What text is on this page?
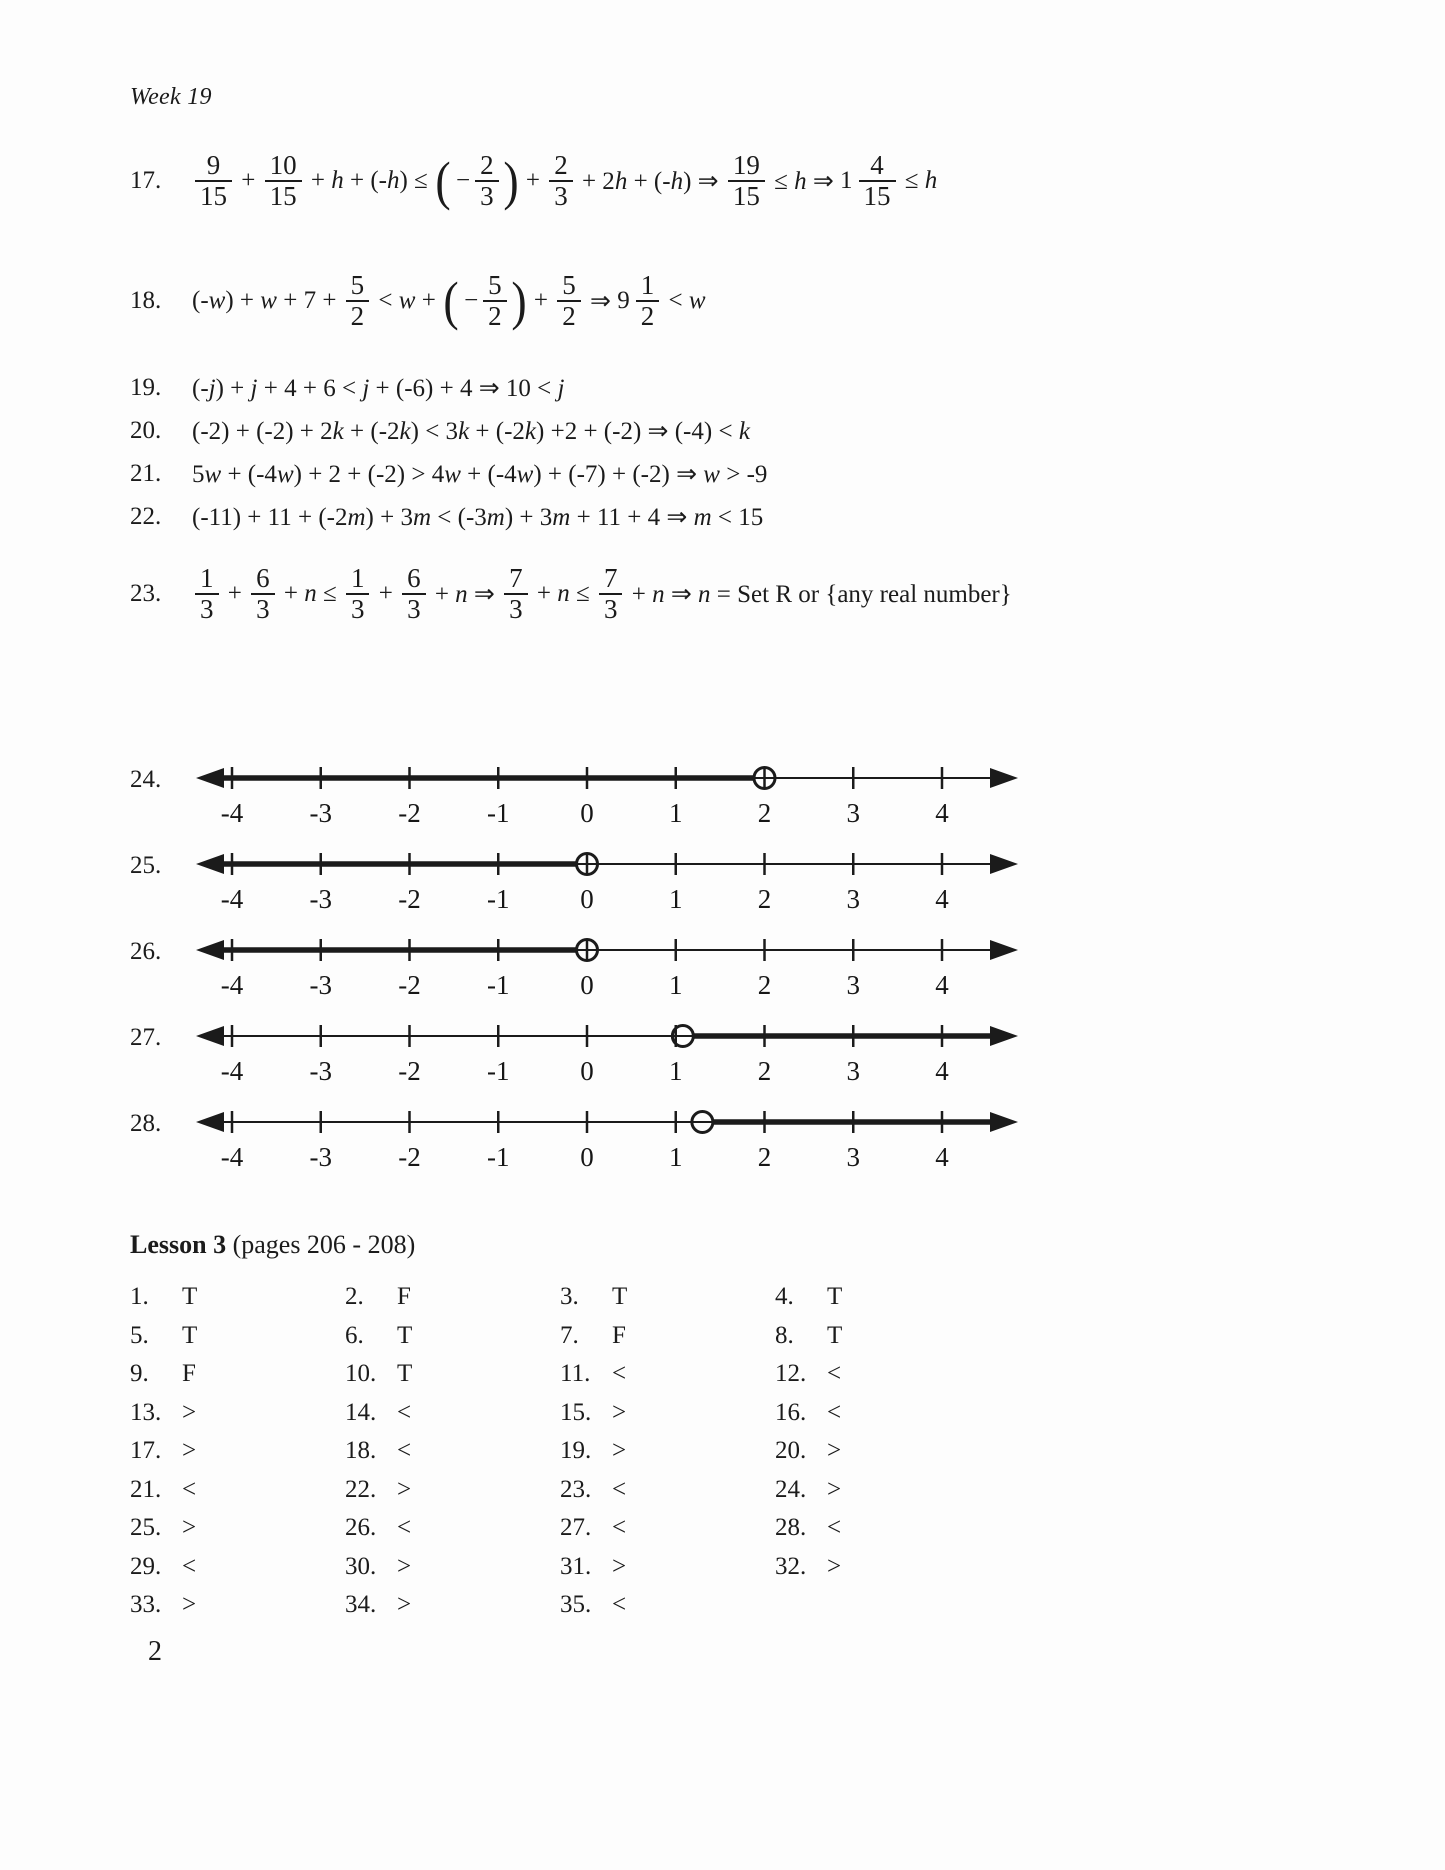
Week 19
17.	$\frac{9}{15} + \frac{10}{15} + h + (-h)$ ≤ ( − $\frac{2}{3}$ ) + $\frac{2}{3} + 2h + (-h)$ ⇒ $\frac{19}{15} \le h$ ⇒ $1 \frac{4}{15} \le h$
18.	$(-w) + w + 7 + \frac{5}{2} < w$ + ( − $\frac{5}{2}$ ) + $\frac{5}{2}$ ⇒ $9 \frac{1}{2} < w$
19.	(-j) + j + 4 + 6 < j + (-6) + 4 ⇒ 10 < j
20.	(-2) + (-2) + 2k + (-2k) < 3k + (-2k) +2 + (-2) ⇒ (-4) < k
21.	5w + (-4w) + 2 + (-2) > 4w + (-4w) + (-7) + (-2) ⇒ w > -9
22.	(-11) + 11 + (-2m) + 3m < (-3m) + 3m + 11 + 4 ⇒ m < 15
23.	$\frac{1}{3} + \frac{6}{3} + n \le \frac{1}{3} + \frac{6}{3} + n$ ⇒ $\frac{7}{3} + n \le \frac{7}{3} + n$ ⇒ n = Set R or {any real number}
24.
-4 -3 -2 -1	0	1	2	3	4
25.
-4 -3 -2 -1	0	1	2	3	4
26.
-4 -3 -2 -1	0	1	2	3	4
27.
-4 -3 -2 -1	0	1	2	3	4
28.
-4 -3 -2 -1	0	1	2	3	4
Lesson 3 (pages 206 - 208)
1.	T	2.	F	3.	T	4.	T
5.	T	6.	T	7.	F	8.	T
9.	F	10. T	11. <	12. <
13. >	14. <	15. >	16. <
17. >	18. <	19. >	20. >
21. <	22. >	23. <	24. >
25. >	26. <	27. <	28. <
29. <	30. >	31. >	32. >
33. >	34. >	35. <
2
